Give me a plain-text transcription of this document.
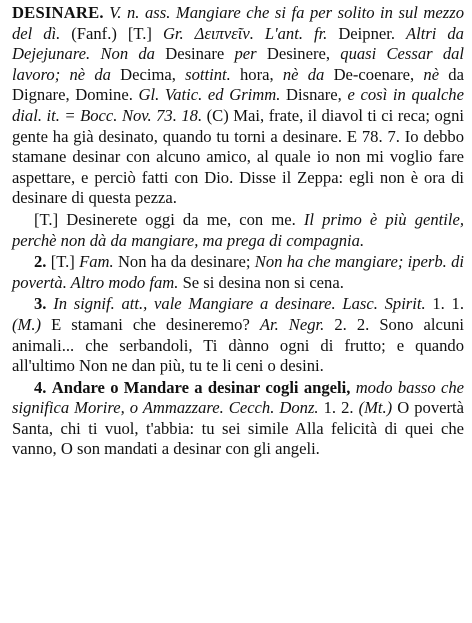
DESINARE. V. n. ass. Mangiare che si fa per solito in sul mezzo del dì. (Fanf.) [T.] Gr. Δειπνεῖν. L'ant. fr. Deipner. Altri da Dejejunare. Non da Desinare per Desinere, quasi Cessar dal lavoro; nè da Decima, sottint. hora, nè da De-coenare, nè da Dignare, Domine. Gl. Vatic. ed Grimm. Disnare, e così in qualche dial. it. = Bocc. Nov. 73. 18. (C) Mai, frate, il diavol ti ci reca; ogni gente ha già desinato, quando tu torni a desinare. E 78. 7. Io debbo stamane desinar con alcuno amico, al quale io non mi voglio fare aspettare, e perciò fatti con Dio. Disse il Zeppa: egli non è ora di desinare di questa pezza.

[T.] Desinerete oggi da me, con me. Il primo è più gentile, perchè non dà da mangiare, ma prega di compagnia.

2. [T.] Fam. Non ha da desinare; Non ha che mangiare; iperb. di povertà. Altro modo fam. Se si desina non si cena.

3. In signif. att., vale Mangiare a desinare. Lasc. Spirit. 1. 1. (M.) E stamani che desineremo? Ar. Negr. 2. 2. Sono alcuni animali... che serbandoli, Ti dànno ogni di frutto; e quando all'ultimo Non ne dan più, tu te li ceni o desini.

4. Andare o Mandare a desinar cogli angeli, modo basso che significa Morire, o Ammazzare. Cecch. Donz. 1. 2. (Mt.) O povertà Santa, chi ti vuol, t'abbia: tu sei simile Alla felicità di quei che vanno, O son mandati a desinar con gli angeli.
